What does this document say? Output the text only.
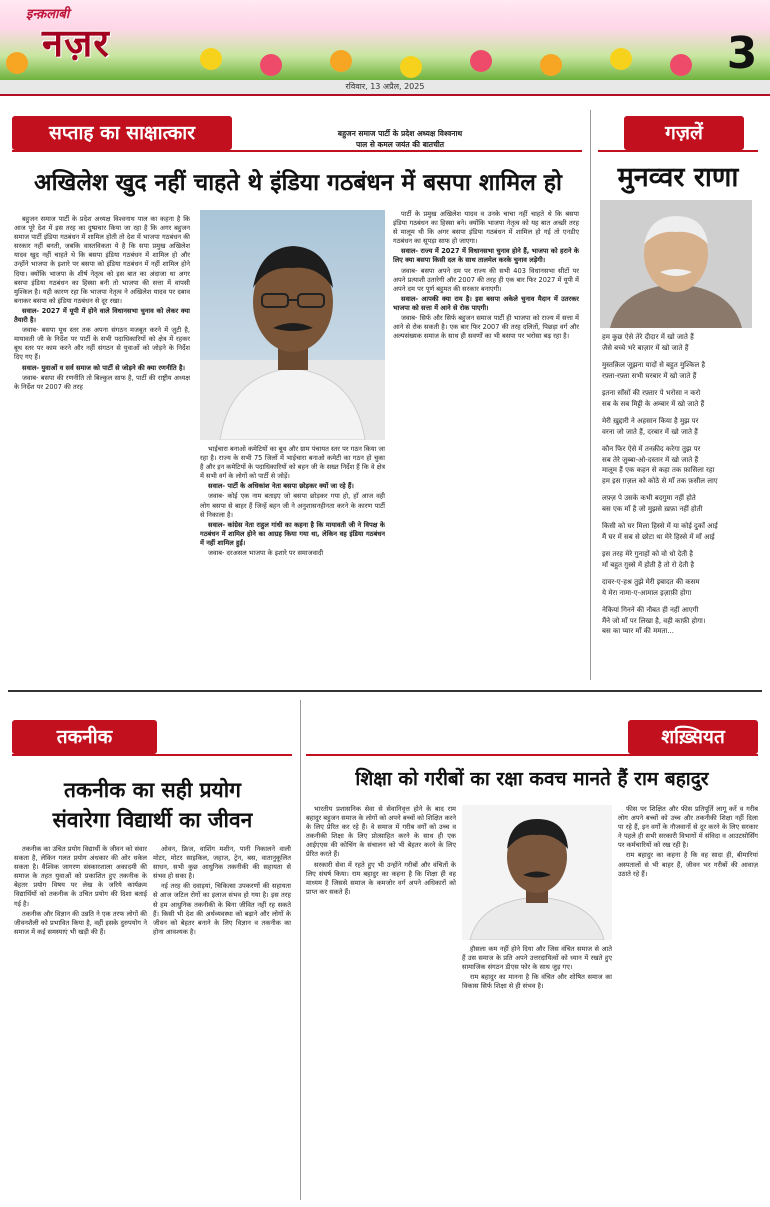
इन्क़लाबी
नज़र	3
रविवार, 13 अप्रैल, 2025
सप्ताह का साक्षात्कार	बहुजन समाज पार्टी के प्रदेश अध्यक्ष विश्वनाथ
पाल से कमल जयंत की बातचीत
अखिलेश खुद नहीं चाहते थे इंडिया गठबंधन में बसपा शामिल हो

बहुजन समाज पार्टी के प्रदेश अध्यक्ष विश्वनाथ पाल का कहना है कि आज पूरे देश में इस तरह का दुष्प्रचार किया जा रहा है कि अगर बहुजन समाज पार्टी इंडिया गठबंधन में शामिल होती तो देश में भाजपा गठबंधन की सरकार नहीं बनती, जबकि वास्तविकता ये है कि सपा प्रमुख अखिलेश यादव खुद नहीं चाहते थे कि बसपा इंडिया गठबंधन में शामिल हो और उन्होंने भाजपा के इशारे पर बसपा को इंडिया गठबंधन में नहीं शामिल होने दिया। क्योंकि भाजपा के शीर्ष नेतृत्व को इस बात का अंदाजा था अगर बसपा इंडिया गठबंधन का हिस्सा बनी तो भाजपा की सत्ता में वापसी मुश्किल है। यही कारण रहा कि भाजपा नेतृत्व ने अखिलेश यादव पर दबाव बनाकर बसपा को इंडिया गठबंधन से दूर रखा।

सवाल- 2027 में यूपी में होने वाले विधानसभा चुनाव को लेकर क्या तैयारी है।

जवाब- बसपा यूथ स्तर तक अपना संगठन मजबूत करने में जुटी है, मायावती जी के निर्देश पर पार्टी के सभी पदाधिकारियों को क्षेत्र में रहकर बूथ स्तर पर काम करने और नहीं संगठन से युवाओं को जोड़ने के निर्देश दिए गए हैं।

सवाल- युवाओं व सर्व समाज को पार्टी से जोड़ने की क्या रणनीति है।

जवाब- बसपा की रणनीति तो बिल्कुल साफ है, पार्टी की राष्ट्रीय अध्यक्ष के निर्देश पर 2007 की तरह

भाईचारा बनाओ कमेटियों का बूथ और ग्राम पंचायत स्तर पर गठन किया जा रहा है। राज्य के सभी 75 जिलों में भाईचारा बनाओ कमेटी का गठन हो चुका है और इन कमेटियों के पदाधिकारियों को बहन जी के सख्त निर्देश हैं कि वे क्षेत्र में सभी वर्ग के लोगों को पार्टी से जोड़ें।

सवाल- पार्टी के अधिकांश नेता बसपा छोड़कर क्यों जा रहे हैं।

जवाब- कोई एक नाम बताइए जो बसपा छोड़कर गया हो, हाँ आज वही लोग बसपा से बाहर हैं जिन्हें बहन जी ने अनुशासनहीनता करने के कारण पार्टी से निकाला है।

सवाल- कांग्रेस नेता राहुल गांधी का कहना है कि मायावती जी ने विपक्ष के गठबंधन में शामिल होने का आग्रह किया गया था, लेकिन वह इंडिया गठबंधन में नहीं शामिल हुईं।

जवाब- दरअसल भाजपा के इशारे पर समाजवादी

पार्टी के प्रमुख अखिलेश यादव व उनके चाचा नहीं चाहते थे कि बसपा इंडिया गठबंधन का हिस्सा बने। क्योंकि भाजपा नेतृत्व को यह बात अच्छी तरह से मालूम थी कि अगर बसपा इंडिया गठबंधन में शामिल हो गई तो एनडीए गठबंधन का सूपड़ा साफ हो जाएगा।

सवाल- राज्य में 2027 में विधानसभा चुनाव होने हैं, भाजपा को हराने के लिए क्या बसपा किसी दल के साथ तालमेल करके चुनाव लड़ेगी।

जवाब- बसपा अपने दम पर राज्य की सभी 403 विधानसभा सीटों पर अपने प्रत्याशी उतारेगी और 2007 की तरह ही एक बार फिर 2027 में यूपी में अपने दम पर पूर्ण बहुमत की सरकार बनाएगी।

सवाल- आपकी क्या राय है। इस बसपा अकेले चुनाव मैदान में उतरकर भाजपा को सत्ता में आने से रोक पाएगी।

जवाब- सिर्फ और सिर्फ बहुजन समाज पार्टी ही भाजपा को राज्य में सत्ता में आने से रोक सकती है। एक बार फिर 2007 की तरह दलितों, पिछड़ा वर्ग और अल्पसंख्यक समाज के साथ ही सवर्णों का भी बसपा पर भरोसा बढ़ रहा है।

गज़लें
मुनव्वर राणा

हम कुछ ऐसे तेरे दीदार में खो जाते हैं
जैसे बच्चे भरे बाज़ार में खो जाते हैं

मुस्तक़िल जूझना यादों से बहुत मुश्किल है
रफ़्ता-रफ़्ता सभी घरबार में खो जाते हैं

इतना साँसों की रफ़्तार पे भरोसा न करो
सब के सब मिट्टी के अम्बार में खो जाते हैं

मेरी ख़ुद्दारी ने अहसान किया है मुझ पर
वरना जो जाते हैं, दरबार में खो जाते हैं

कौन फिर ऐसे में तनक़ीद करेगा तुझ पर
सब तेरे जुब्बा-ओ-दस्तार में खो जाते हैं
मालूम हैं एक कहन से कहा तक फ़ासिला रहा
हम इस ग़ज़ल को कोठे से माँ तक फ़सील लाए

लफ़्ज़ पे उसके कभी बदगुमा नहीं होते
बस एक माँ है जो मुझसे ख़फ़ा नहीं होती

किसी को घर मिला हिस्से में या कोई दुकाँ आई
मैं घर में सब से छोटा था मेरे हिस्से में माँ आई

इस तरह मेरे गुनाहों को वो धो देती है
माँ बहुत ग़ुस्से में होती है तो रो देती है

दावर-ए-हश्र तुझे मेरी इबादत की कसम
ये मेरा नामा-ए-आमाल इज़ाफ़ी होगा

नेकियां गिनने की नौबत ही नहीं आएगी
मैंने जो माँ पर लिखा है, वही काफ़ी होगा।
बस का प्यार माँ की ममता...

तकनीक
तकनीक का सही प्रयोग
संवारेगा विद्यार्थी का जीवन

तकनीक का उचित प्रयोग विद्यार्थी के जीवन को संवार सकता है, लेकिन गलत प्रयोग अंधकार की ओर धकेल सकता है। वैश्विक जागरण संस्कारशाला अकादमी की समाज के तहत युवाओं को प्रकाशित हुए तकनीक के बेहतर प्रयोग विषय पर लेख के जरिये कार्यक्रम विद्यार्थियों को तकनीक के उचित प्रयोग की दिशा बताई गई है।

तकनीक और विज्ञान की उन्नति ने एक तरफ लोगों की जीवनशैली को प्रभावित किया है, वहीं इसके दुरुपयोग ने समाज में कई समस्याएं भी खड़ी की हैं।

ओवन, फ्रिज, वाशिंग मशीन, पानी निकालने वाली मोटर, मोटर साइकिल, जहाज, ट्रेन, बस, वातानुकूलित साधन, सभी कुछ आधुनिक तकनीकी की सहायता से संभव हो सका है।

नई तरह की दवाइयां, चिकित्सा उपकरणों की सहायता से आज जटिल रोगों का इलाज संभव हो गया है। इस तरह से हम आधुनिक तकनीकी के बिना जीवित नहीं रह सकते हैं। किसी भी देश की अर्थव्यवस्था को बढ़ाने और लोगों के जीवन को बेहतर बनाने के लिए विज्ञान व तकनीक का होना आवश्यक है।

शख़्सियत
शिक्षा को गरीबों का रक्षा कवच मानते हैं राम बहादुर

भारतीय प्रशासनिक सेवा से सेवानिवृत्त होने के बाद राम बहादुर बहुजन समाज के लोगों को अपने बच्चों को शिक्षित करने के लिए प्रेरित कर रहे हैं। वे समाज में गरीब वर्गों को उच्च व तकनीकी शिक्षा के लिए प्रोत्साहित करने के साथ ही एक आईएएस की कोचिंग के संचालन को भी बेहतर करने के लिए प्रेरित करते हैं।

सरकारी सेवा में रहते हुए भी उन्होंने गरीबों और वंचितों के लिए संघर्ष किया। राम बहादुर का कहना है कि शिक्षा ही वह माध्यम है जिससे समाज के कमजोर वर्ग अपने अधिकारों को प्राप्त कर सकते हैं।

हौसला कम नहीं होने दिया और जिस वंचित समाज से आते हैं उस समाज के प्रति अपने उत्तरदायित्वों को ध्यान में रखते हुए सामाजिक संगठन डीएस फोर के साथ जुड़ गए।

राम बहादुर का मानना है कि वंचित और शोषित समाज का विकास सिर्फ शिक्षा से ही संभव है।

फीस पर शिक्षित और फीस प्रतिपूर्ति लागू करें व गरीब लोग अपने बच्चों को उच्च और तकनीकी शिक्षा नहीं दिला पा रहे हैं, इन वर्गों के नौजवानों से दूर करने के लिए सरकार ने पहले ही सभी सरकारी विभागों में संविदा व आउटसोर्सिंग पर कर्मचारियों को रख रही है।

राम बहादुर का कहना है कि वह सादा ही, बीमारियां अस्पतालों से भी बाहर हैं, जीवन भर गरीबों की आवाज़ उठाते रहे हैं।
